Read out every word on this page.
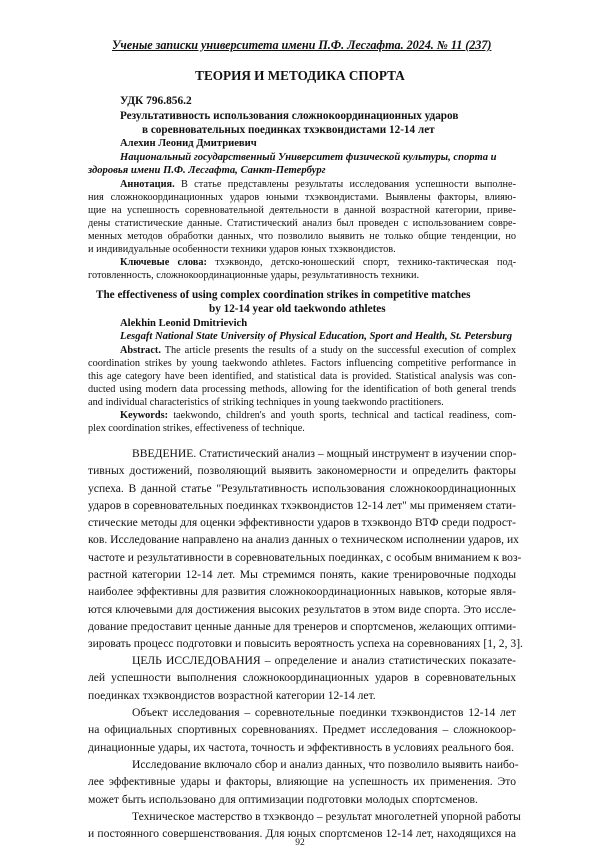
Ученые записки университета имени П.Ф. Лесгафта. 2024. № 11 (237)
ТЕОРИЯ И МЕТОДИКА СПОРТА
УДК 796.856.2
Результативность использования сложнокоординационных ударов
в соревновательных поединках тхэквондистами 12-14 лет
Алехин Леонид Дмитриевич
Национальный государственный Университет физической культуры, спорта и
здоровья имени П.Ф. Лесгафта, Санкт-Петербург
Аннотация. В статье представлены результаты исследования успешности выполне-
ния сложнокоординационных ударов юными тхэквондистами. Выявлены факторы, влияю-
щие на успешность соревновательной деятельности в данной возрастной категории, приве-
дены статистические данные. Статистический анализ был проведен с использованием совре-
менных методов обработки данных, что позволило выявить не только общие тенденции, но
и индивидуальные особенности техники ударов юных тхэквондистов.
Ключевые слова: тхэквондо, детско-юношеский спорт, технико-тактическая под-
готовленность, сложнокоординационные удары, результативность техники.
The effectiveness of using complex coordination strikes in competitive matches
by 12-14 year old taekwondo athletes
Alekhin Leonid Dmitrievich
Lesgaft National State University of Physical Education, Sport and Health, St. Petersburg
Abstract. The article presents the results of a study on the successful execution of complex
coordination strikes by young taekwondo athletes. Factors influencing competitive performance in
this age category have been identified, and statistical data is provided. Statistical analysis was con-
ducted using modern data processing methods, allowing for the identification of both general trends
and individual characteristics of striking techniques in young taekwondo practitioners.
Keywords: taekwondo, children's and youth sports, technical and tactical readiness, com-
plex coordination strikes, effectiveness of technique.
ВВЕДЕНИЕ. Статистический анализ – мощный инструмент в изучении спор-
тивных достижений, позволяющий выявить закономерности и определить факторы
успеха. В данной статье "Результативность использования сложнокоординационных
ударов в соревновательных поединках тхэквондистов 12-14 лет" мы применяем стати-
стические методы для оценки эффективности ударов в тхэквондо ВТФ среди подрост-
ков. Исследование направлено на анализ данных о техническом исполнении ударов, их
частоте и результативности в соревновательных поединках, с особым вниманием к воз-
растной категории 12-14 лет. Мы стремимся понять, какие тренировочные подходы
наиболее эффективны для развития сложнокоординационных навыков, которые явля-
ются ключевыми для достижения высоких результатов в этом виде спорта. Это иссле-
дование предоставит ценные данные для тренеров и спортсменов, желающих оптими-
зировать процесс подготовки и повысить вероятность успеха на соревнованиях [1, 2, 3].
ЦЕЛЬ ИССЛЕДОВАНИЯ – определение и анализ статистических показате-
лей успешности выполнения сложнокоординационных ударов в соревновательных
поединках тхэквондистов возрастной категории 12-14 лет.
Объект исследования – соревнотельные поединки тхэквондистов 12-14 лет
на официальных спортивных соревнованиях. Предмет исследования – сложнокоор-
динационные удары, их частота, точность и эффективность в условиях реального боя.
Исследование включало сбор и анализ данных, что позволило выявить наибо-
лее эффективные удары и факторы, влияющие на успешность их применения. Это
может быть использовано для оптимизации подготовки молодых спортсменов.
Техническое мастерство в тхэквондо – результат многолетней упорной работы
и постоянного совершенствования. Для юных спортсменов 12-14 лет, находящихся на
92
